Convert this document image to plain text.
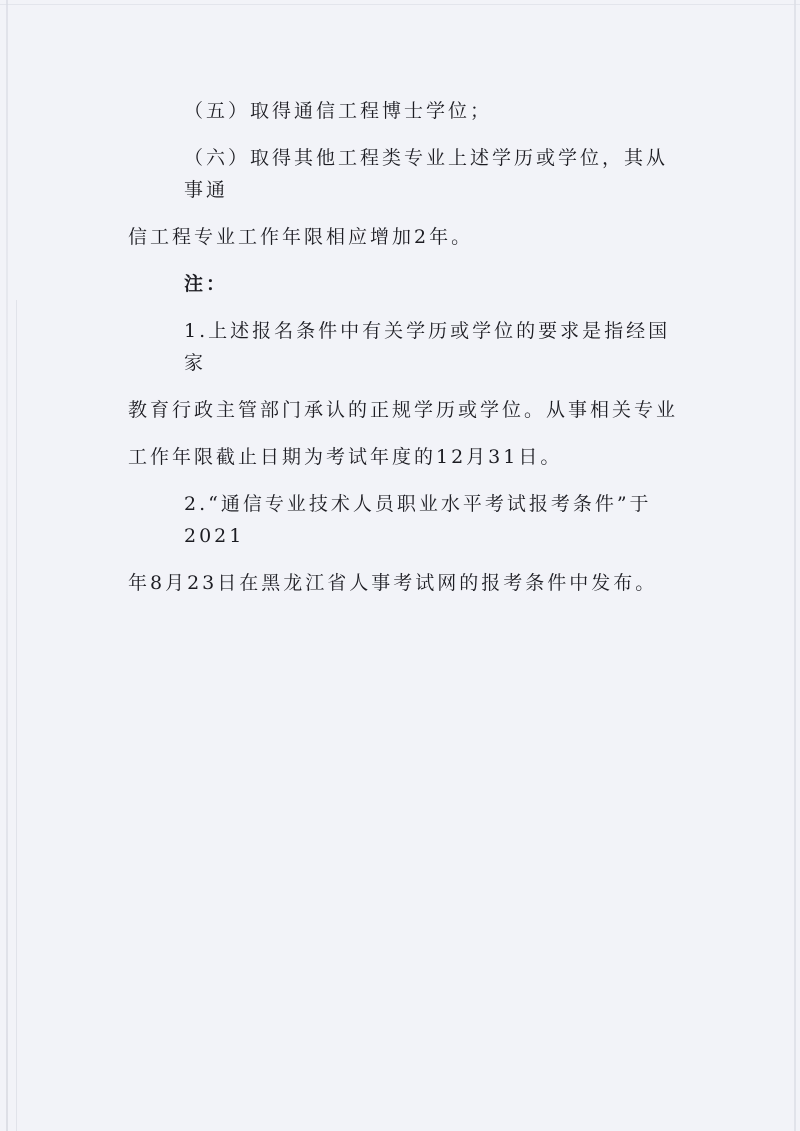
（五）取得通信工程博士学位；
（六）取得其他工程类专业上述学历或学位，其从事通
信工程专业工作年限相应增加2年。
注：
1.上述报名条件中有关学历或学位的要求是指经国家
教育行政主管部门承认的正规学历或学位。从事相关专业
工作年限截止日期为考试年度的12月31日。
2.“通信专业技术人员职业水平考试报考条件”于2021
年8月23日在黑龙江省人事考试网的报考条件中发布。
